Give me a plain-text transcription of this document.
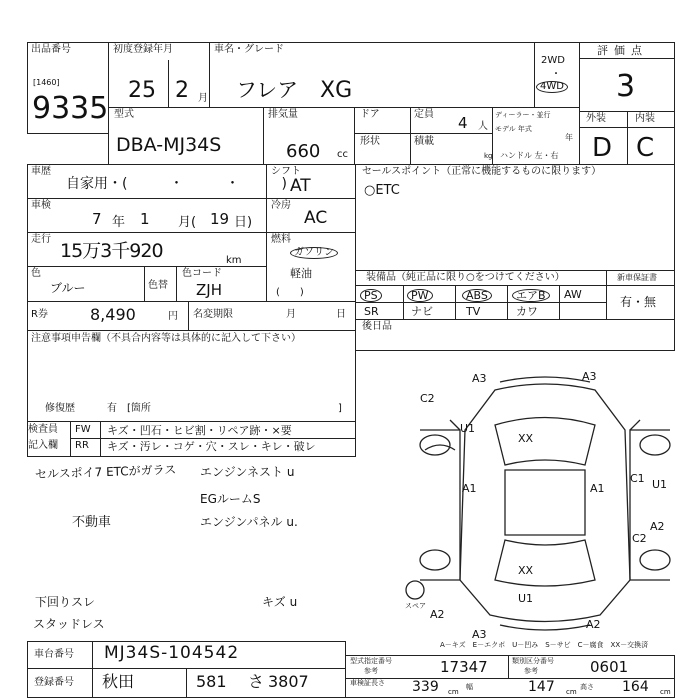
出品番号
[1460]
9335
初度登録年月
25 2 月
車名・グレード
フレア XG
2WD
・
4WD
評価点
3
型式
DBA-MJ34S
排気量
660 cc
ドア	定員 4 人
ディーラー・並行
モデル 年式
年
形状	積載
kg ハンドル 左・右
外装	内装
D C
車歴
自家用・(　　　・　　　・　　　)
車検
7 年 1 月( 19 日)
走行
15万3千920	km
色
ブルー	色替
色コード
ZJH
シフト
AT
冷房
AC
燃料
ガソリン
軽油
(　　)
セールスポイント（正常に機能するものに限ります）
○ETC
装備品（純正品に限り○をつけてください）	新車保証書
有・無
後日品
R券	8,490	円 名変期限	月	日
注意事項申告欄（不具合内容等は具体的に記入して下さい）
修復歴	有　[箇所	]
検査員
記入欄
FW
RR
キズ・凹石・ヒビ割・リペア跡・×要
キズ・汚レ・コゲ・穴・スレ・キレ・破レ
セルスポイ7 ETCがガラス エンジンネスト u
EGルームS
エンジンパネル u.
不動車
下回りスレ
スタッドレス
キズ u
A3	A3
C2
U1
XX
A1	A1
C1 U1
C2
A2
XX
U1
A2
A3
A2
スペア
A－キズ　E－エクボ　U－凹み　S－サビ　C－腐食　XX－交換済
車台番号 MJ34S-104542
登録番号 秋田	581 さ 3807
型式指定番号
参考	17347	類別区分番号
参考	0601
車検証長さ 339 cm
幅	147 cm
高さ 164 cm
PS	PW	ABS	エアB	AW
SR	ナビ	TV	カワ
